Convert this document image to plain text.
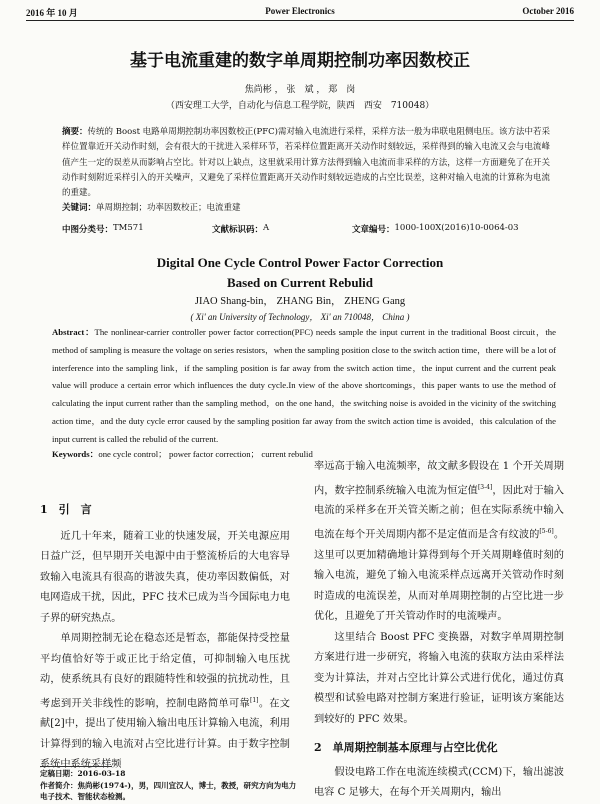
2016 年 10 月	Power Electronics	October 2016
基于电流重建的数字单周期控制功率因数校正
焦尚彬 ， 张　斌 ， 郑　岗
（西安理工大学，自动化与信息工程学院，陕西　西安　710048）
摘要：传统的 Boost 电路单周期控制功率因数校正(PFC)需对输入电流进行采样，采样方法一般为串联电阻侧电压。该方法中若采样位置靠近开关动作时刻，会有很大的干扰进入采样环节，若采样位置距离开关动作时刻较远，采样得到的输入电流又会与电流峰值产生一定的误差从而影响占空比。针对以上缺点，这里就采用计算方法得到输入电流而非采样的方法，这样一方面避免了在开关动作时刻附近采样引入的开关噪声，又避免了采样位置距离开关动作时刻较远造成的占空比误差，这种对输入电流的计算称为电流的重建。
关键词：单周期控制；功率因数校正；电流重建
中图分类号： TM571	文献标识码： A	文章编号： 1000-100X(2016)10-0064-03
Digital One Cycle Control Power Factor Correction
Based on Current Rebulid
JIAO Shang-bin， ZHANG Bin， ZHENG Gang
( Xi' an University of Technology， Xi' an 710048， China )
Abstract：The nonlinear-carrier controller power factor correction(PFC) needs sample the input current in the traditional Boost circuit，the method of sampling is measure the voltage on series resistors，when the sampling position close to the switch action time，there will be a lot of interference into the sampling link，if the sampling position is far away from the switch action time，the input current and the current peak value will produce a certain error which influences the duty cycle.In view of the above shortcomings，this paper wants to use the method of calculating the input current rather than the sampling method，on the one hand，the switching noise is avoided in the vicinity of the switching action time，and the duty cycle error caused by the sampling position far away from the switch action time is avoided，this calculation of the input current is called the rebulid of the current.
Keywords：one cycle control； power factor correction； current rebulid
1　引　言

近几十年来，随着工业的快速发展，开关电源应用日益广泛，但早期开关电源中由于整流桥后的大电容导致输入电流具有很高的谐波失真，使功率因数偏低，对电网造成干扰，因此，PFC 技术已成为当今国际电力电子界的研究热点。

单周期控制无论在稳态还是暂态，都能保持受控量平均值恰好等于或正比于给定值，可抑制输入电压扰动，使系统具有良好的跟随特性和较强的抗扰动性，且考虑到开关非线性的影响，控制电路简单可靠[1]。在文献[2]中，提出了使用输入输出电压计算输入电流，利用计算得到的输入电流对占空比进行计算。由于数字控制系统中系统采样频

率远高于输入电流频率，故文献多假设在 1 个开关周期内，数字控制系统输入电流为恒定值[3-4]，因此对于输入电流的采样多在开关管关断之前；但在实际系统中输入电流在每个开关周期内都不是定值而是含有纹波的[5-6]。这里可以更加精确地计算得到每个开关周期峰值时刻的输入电流，避免了输入电流采样点远离开关管动作时刻时造成的电流误差，从而对单周期控制的占空比进一步优化，且避免了开关管动作时的电流噪声。

这里结合 Boost PFC 变换器，对数字单周期控制方案进行进一步研究，将输入电流的获取方法由采样法变为计算法，并对占空比计算公式进行优化，通过仿真模型和试验电路对控制方案进行验证，证明该方案能达到较好的 PFC 效果。

2　单周期控制基本原理与占空比优化

假设电路工作在电流连续模式(CCM)下，输出滤波电容 C 足够大，在每个开关周期内，输出

定稿日期：2016-03-18
作者简介：焦尚彬(1974-)，男，四川宜汉人，博士，教授，研究方向为电力电子技术、智能状态检测。
